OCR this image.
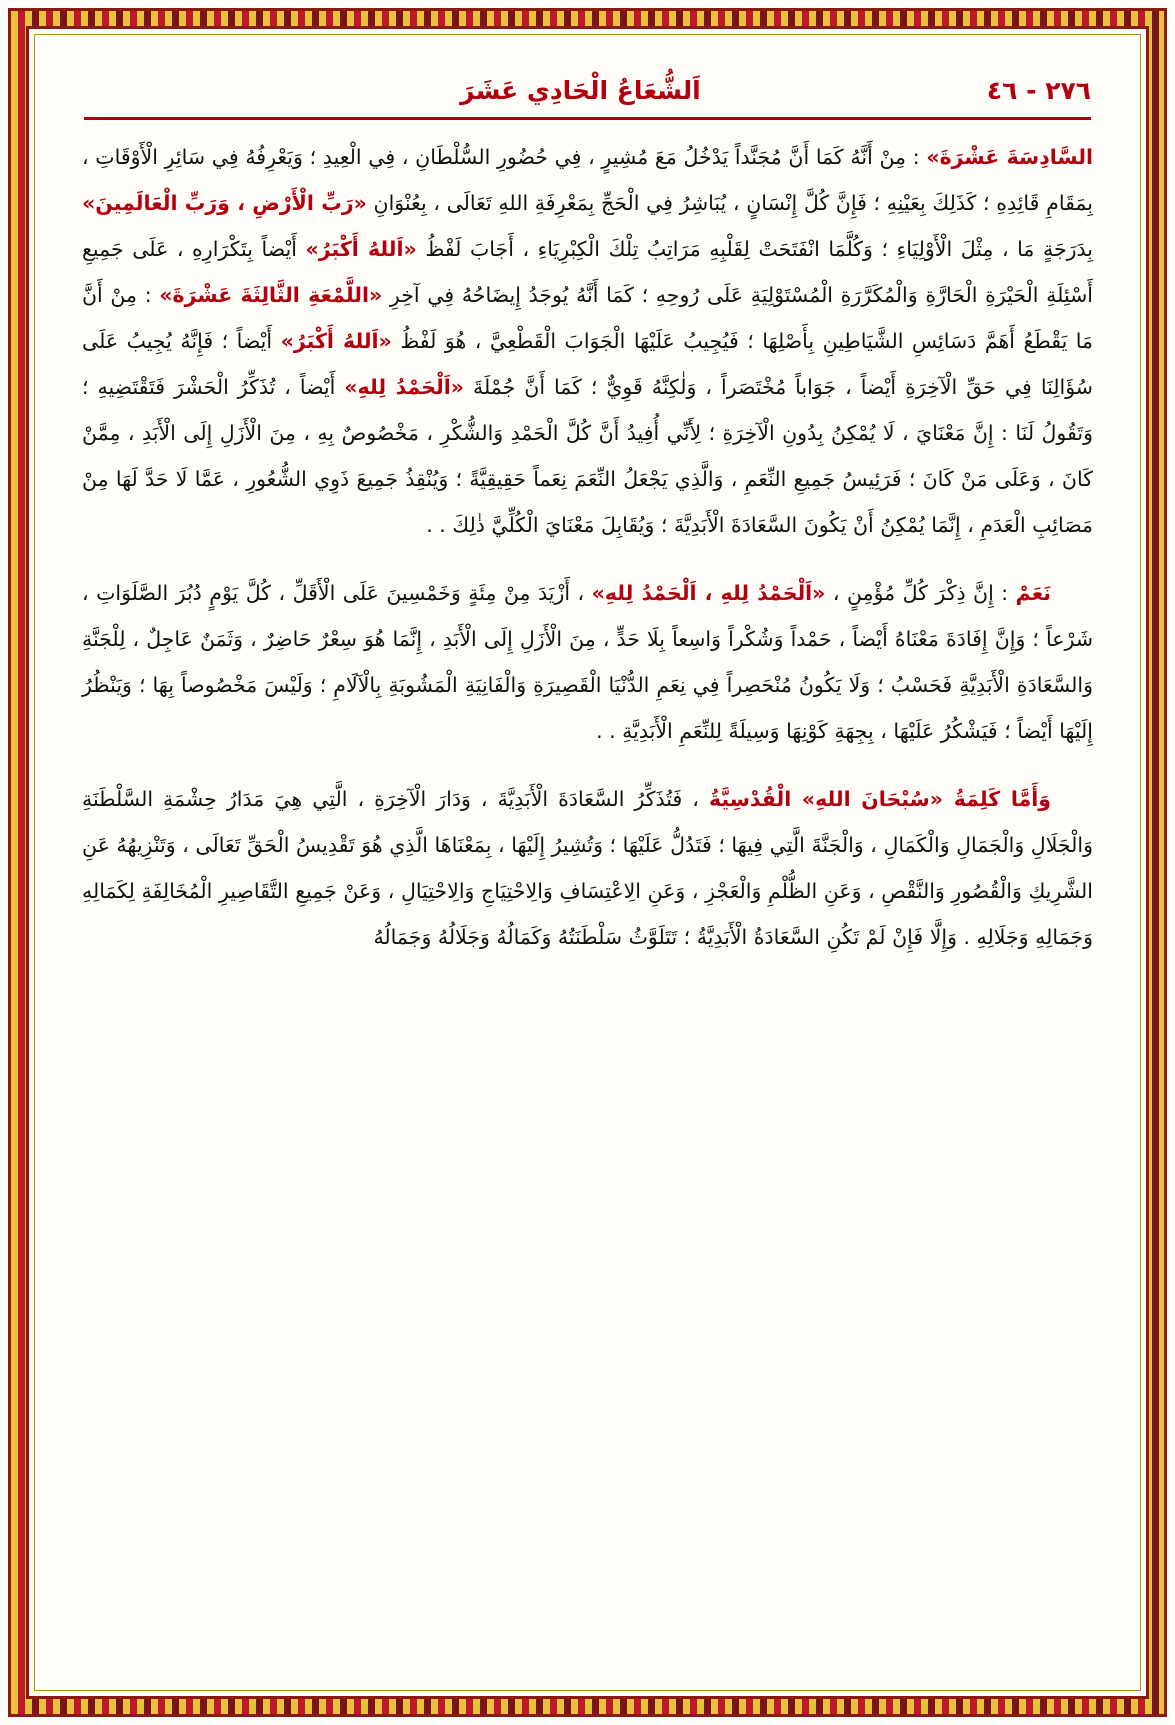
٢٧٦ - ٤٦
اَلشُّعَاعُ الْحَادِي عَشَرَ

السَّادِسَةَ عَشْرَةَ» : مِنْ أَنَّهُ كَمَا أَنَّ مُجَنَّداً يَدْخُلُ مَعَ مُشِيرٍ ، فِي حُضُورِ السُّلْطَانِ ، فِي الْعِيدِ ؛ وَيَعْرِفُهُ فِي سَائِرِ الْأَوْقَاتِ ، بِمَقَامِ قَائِدِهِ ؛ كَذَلِكَ بِعَيْنِهِ ؛ فَإِنَّ كُلَّ إِنْسَانٍ ، يُبَاشِرُ فِي الْحَجِّ بِمَعْرِفَةِ اللهِ تَعَالَى ، بِعُنْوَانِ «رَبِّ الْأَرْضِ ، وَرَبِّ الْعَالَمِينَ» بِدَرَجَةٍ مَا ، مِثْلَ الْأَوْلِيَاءِ ؛ وَكُلَّمَا انْفَتَحَتْ لِقَلْبِهِ مَرَاتِبُ تِلْكَ الْكِبْرِيَاءِ ، أَجَابَ لَفْظُ «اَللهُ أَكْبَرُ» أَيْضاً بِتَكْرَارِهِ ، عَلَى جَمِيعِ أَسْئِلَةِ الْحَيْرَةِ الْحَارَّةِ وَالْمُكَرَّرَةِ الْمُسْتَوْلِيَةِ عَلَى رُوحِهِ ؛ كَمَا أَنَّهُ يُوجَدُ إِيضَاحُهُ فِي آخِرِ «اللَّمْعَةِ الثَّالِثَةَ عَشْرَةَ» : مِنْ أَنَّ مَا يَقْطَعُ أَهَمَّ دَسَائِسِ الشَّيَاطِينِ بِأَصْلِهَا ؛ فَيُجِيبُ عَلَيْهَا الْجَوَابَ الْقَطْعِيَّ ، هُوَ لَفْظُ «اَللهُ أَكْبَرُ» أَيْضاً ؛ فَإِنَّهُ يُجِيبُ عَلَى سُؤَالِنَا فِي حَقِّ الْآخِرَةِ أَيْضاً ، جَوَاباً مُخْتَصَراً ، وَلٰكِنَّهُ قَوِيٌّ ؛ كَمَا أَنَّ جُمْلَةَ «اَلْحَمْدُ لِلهِ» أَيْضاً ، تُذَكِّرُ الْحَشْرَ فَتَقْتَضِيهِ ؛ وَتَقُولُ لَنَا : إِنَّ مَعْنَايَ ، لَا يُمْكِنُ بِدُونِ الْآخِرَةِ ؛ لِأَنِّي أُفِيدُ أَنَّ كُلَّ الْحَمْدِ وَالشُّكْرِ ، مَخْصُوصٌ بِهِ ، مِنَ الْأَزَلِ إِلَى الْأَبَدِ ، مِمَّنْ كَانَ ، وَعَلَى مَنْ كَانَ ؛ فَرَئِيسُ جَمِيعِ النِّعَمِ ، وَالَّذِي يَجْعَلُ النِّعَمَ نِعَماً حَقِيقِيَّةً ؛ وَيُنْقِذُ جَمِيعَ ذَوِي الشُّعُورِ ، عَمَّا لَا حَدَّ لَهَا مِنْ مَصَائِبِ الْعَدَمِ ، إِنَّمَا يُمْكِنُ أَنْ يَكُونَ السَّعَادَةَ الْأَبَدِيَّةَ ؛ وَيُقَابِلَ مَعْنَايَ الْكُلِّيَّ ذٰلِكَ . .

نَعَمْ : إِنَّ ذِكْرَ كُلِّ مُؤْمِنٍ ، «اَلْحَمْدُ لِلهِ ، اَلْحَمْدُ لِلهِ» ، أَزْيَدَ مِنْ مِئَةٍ وَخَمْسِينَ عَلَى الْأَقَلِّ ، كُلَّ يَوْمٍ دُبُرَ الصَّلَوَاتِ ، شَرْعاً ؛ وَإِنَّ إِفَادَةَ مَعْنَاهُ أَيْضاً ، حَمْداً وَشُكْراً وَاسِعاً بِلَا حَدٍّ ، مِنَ الْأَزَلِ إِلَى الْأَبَدِ ، إِنَّمَا هُوَ سِعْرٌ حَاضِرٌ ، وَثَمَنٌ عَاجِلٌ ، لِلْجَنَّةِ وَالسَّعَادَةِ الْأَبَدِيَّةِ فَحَسْبُ ؛ وَلَا يَكُونُ مُنْحَصِراً فِي نِعَمِ الدُّنْيَا الْقَصِيرَةِ وَالْفَانِيَةِ الْمَشُوبَةِ بِالْآلَامِ ؛ وَلَيْسَ مَخْصُوصاً بِهَا ؛ وَيَنْظُرُ إِلَيْهَا أَيْضاً ؛ فَيَشْكُرُ عَلَيْهَا ، بِجِهَةِ كَوْنِهَا وَسِيلَةً لِلنِّعَمِ الْأَبَدِيَّةِ . .

وَأَمَّا كَلِمَةُ «سُبْحَانَ اللهِ» الْقُدْسِيَّةُ ، فَتُذَكِّرُ السَّعَادَةَ الْأَبَدِيَّةَ ، وَدَارَ الْآخِرَةِ ، الَّتِي هِيَ مَدَارُ حِشْمَةِ السَّلْطَنَةِ وَالْجَلَالِ وَالْجَمَالِ وَالْكَمَالِ ، وَالْجَنَّةَ الَّتِي فِيهَا ؛ فَتَدُلُّ عَلَيْهَا ؛ وَتُشِيرُ إِلَيْهَا ، بِمَعْنَاهَا الَّذِي هُوَ تَقْدِيسُ الْحَقِّ تَعَالَى ، وَتَنْزِيهُهُ عَنِ الشَّرِيكِ وَالْقُصُورِ وَالنَّقْصِ ، وَعَنِ الظُّلْمِ وَالْعَجْزِ ، وَعَنِ الِاعْتِسَافِ وَالِاحْتِيَاجِ وَالِاحْتِيَالِ ، وَعَنْ جَمِيعِ التَّقَاصِيرِ الْمُخَالِفَةِ لِكَمَالِهِ وَجَمَالِهِ وَجَلَالِهِ . وَإِلَّا فَإِنْ لَمْ تَكُنِ السَّعَادَةُ الْأَبَدِيَّةُ ؛ تَتَلَوَّثُ سَلْطَنَتُهُ وَكَمَالُهُ وَجَلَالُهُ وَجَمَالُهُ
